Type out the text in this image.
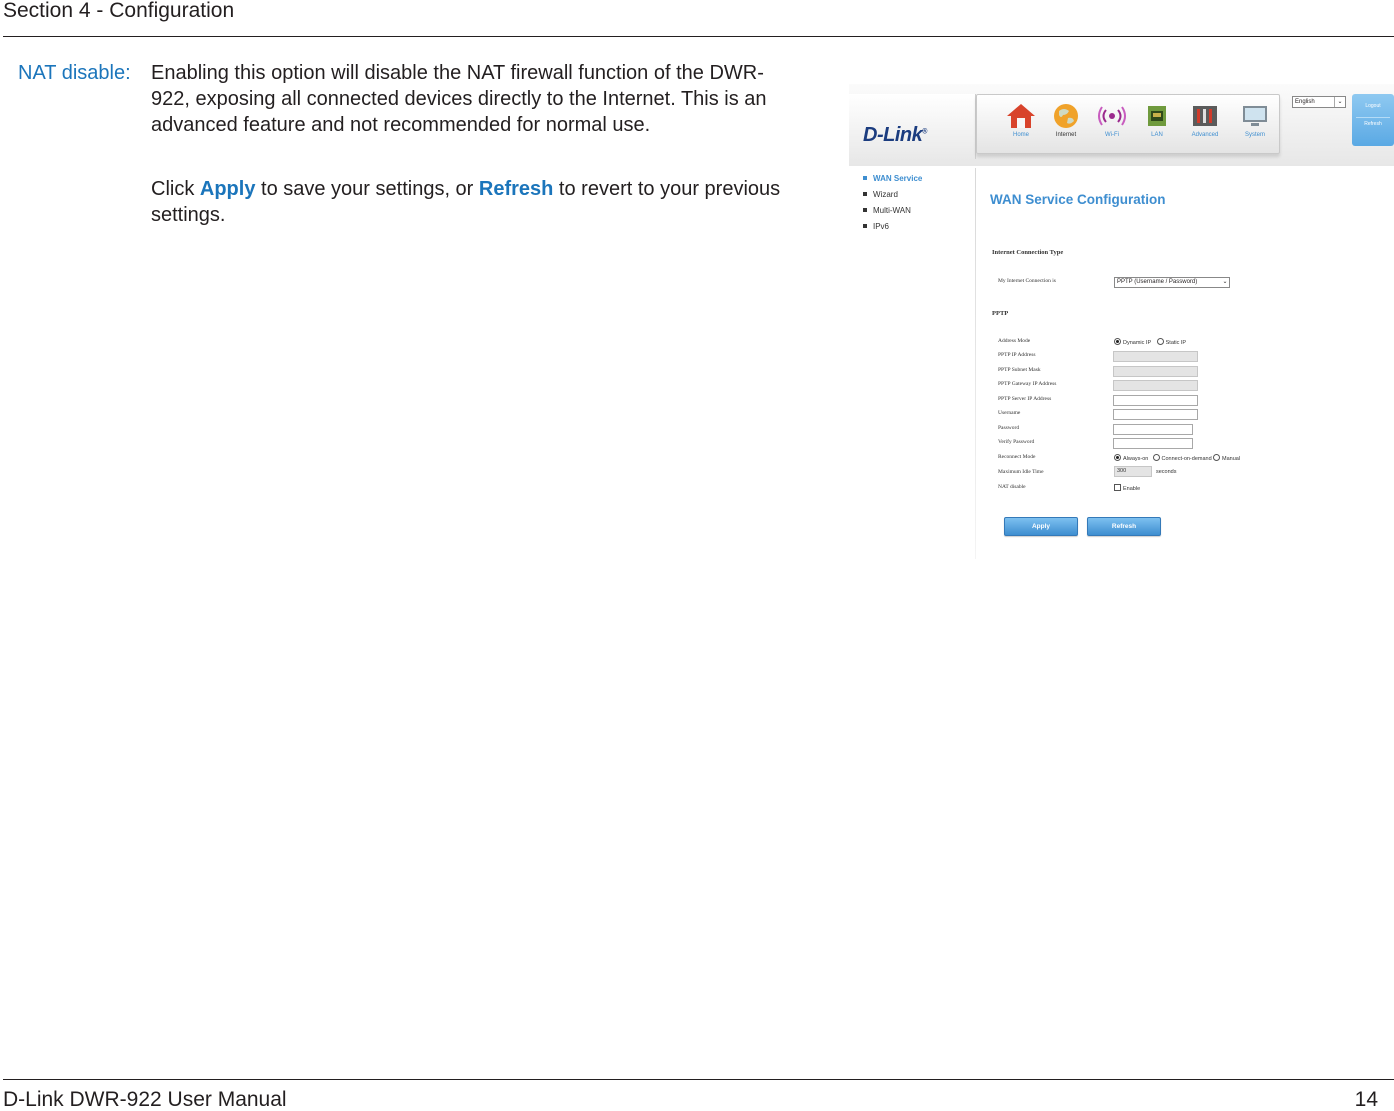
Section 4 - Configuration
NAT disable: Enabling this option will disable the NAT firewall function of the DWR-922, exposing all connected devices directly to the Internet. This is an advanced feature and not recommended for normal use.

Click Apply to save your settings, or Refresh to revert to your previous settings.

D-Link®	Home	Internet	Wi-Fi	LAN	Advanced	System
English	⌄
Logout
Refresh
WAN Service
Wizard
Multi-WAN
IPv6
WAN Service Configuration
Internet Connection Type
My Internet Connection is	PPTP (Username / Password)	⌄
PPTP
Address Mode	Dynamic IP	Static IP
PPTP IP Address
PPTP Subnet Mask
PPTP Gateway IP Address
PPTP Server IP Address
Username
Password
Verify Password
Reconnect Mode	Always-on Connect-on-demand Manual
Maximum Idle Time	300	seconds
NAT disable	Enable
Apply	Refresh
D-Link DWR-922 User Manual	14
